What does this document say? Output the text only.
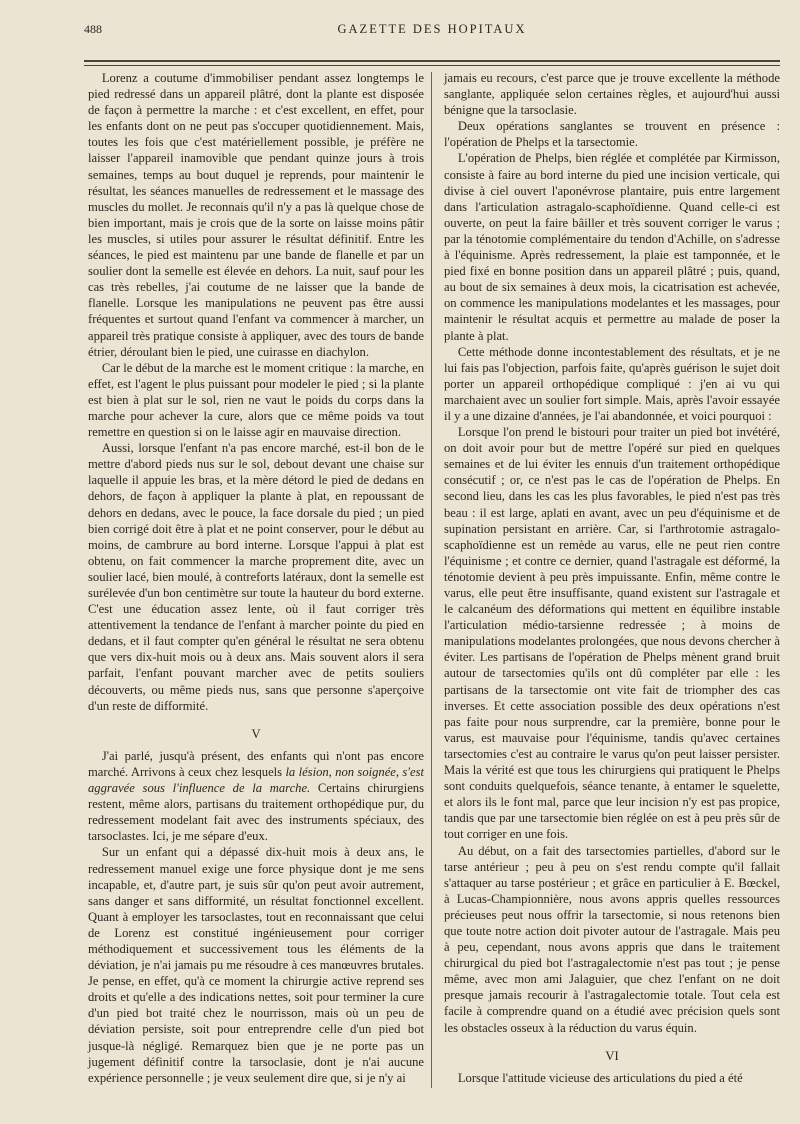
488	GAZETTE DES HOPITAUX

Lorenz a coutume d'immobiliser pendant assez longtemps le pied redressé dans un appareil plâtré, dont la plante est disposée de façon à permettre la marche : et c'est excellent, en effet, pour les enfants dont on ne peut pas s'occuper quotidiennement. Mais, toutes les fois que c'est matériellement possible, je préfère ne laisser l'appareil inamovible que pendant quinze jours à trois semaines, temps au bout duquel je reprends, pour maintenir le résultat, les séances manuelles de redressement et le massage des muscles du mollet. Je reconnais qu'il n'y a pas là quelque chose de bien important, mais je crois que de la sorte on laisse moins pâtir les muscles, si utiles pour assurer le résultat définitif. Entre les séances, le pied est maintenu par une bande de flanelle et par un soulier dont la semelle est élevée en dehors. La nuit, sauf pour les cas très rebelles, j'ai coutume de ne laisser que la bande de flanelle. Lorsque les manipulations ne peuvent pas être aussi fréquentes et surtout quand l'enfant va commencer à marcher, un appareil très pratique consiste à appliquer, avec des tours de bande étrier, déroulant bien le pied, une cuirasse en diachylon.

Car le début de la marche est le moment critique : la marche, en effet, est l'agent le plus puissant pour modeler le pied ; si la plante est bien à plat sur le sol, rien ne vaut le poids du corps dans la marche pour achever la cure, alors que ce même poids va tout remettre en question si on le laisse agir en mauvaise direction.

Aussi, lorsque l'enfant n'a pas encore marché, est-il bon de le mettre d'abord pieds nus sur le sol, debout devant une chaise sur laquelle il appuie les bras, et la mère détord le pied de dedans en dehors, de façon à appliquer la plante à plat, en repoussant de dehors en dedans, avec le pouce, la face dorsale du pied ; un pied bien corrigé doit être à plat et ne point conserver, pour le début au moins, de cambrure au bord interne. Lorsque l'appui à plat est obtenu, on fait commencer la marche proprement dite, avec un soulier lacé, bien moulé, à contreforts latéraux, dont la semelle est surélevée d'un bon centimètre sur toute la hauteur du bord externe. C'est une éducation assez lente, où il faut corriger très attentivement la tendance de l'enfant à marcher pointe du pied en dedans, et il faut compter qu'en général le résultat ne sera obtenu que vers dix-huit mois ou à deux ans. Mais souvent alors il sera parfait, l'enfant pouvant marcher avec de petits souliers découverts, ou même pieds nus, sans que personne s'aperçoive d'un reste de difformité.

V

J'ai parlé, jusqu'à présent, des enfants qui n'ont pas encore marché. Arrivons à ceux chez lesquels la lésion, non soignée, s'est aggravée sous l'influence de la marche. Certains chirurgiens restent, même alors, partisans du traitement orthopédique pur, du redressement modelant fait avec des instruments spéciaux, des tarsoclastes. Ici, je me sépare d'eux.

Sur un enfant qui a dépassé dix-huit mois à deux ans, le redressement manuel exige une force physique dont je me sens incapable, et, d'autre part, je suis sûr qu'on peut avoir autrement, sans danger et sans difformité, un résultat fonctionnel excellent. Quant à employer les tarsoclastes, tout en reconnaissant que celui de Lorenz est constitué ingénieusement pour corriger méthodiquement et successivement tous les éléments de la déviation, je n'ai jamais pu me résoudre à ces manœuvres brutales. Je pense, en effet, qu'à ce moment la chirurgie active reprend ses droits et qu'elle a des indications nettes, soit pour terminer la cure d'un pied bot traité chez le nourrisson, mais où un peu de déviation persiste, soit pour entreprendre celle d'un pied bot jusque-là négligé. Remarquez bien que je ne porte pas un jugement définitif contre la tarsoclasie, dont je n'ai aucune expérience personnelle ; je veux seulement dire que, si je n'y ai

jamais eu recours, c'est parce que je trouve excellente la méthode sanglante, appliquée selon certaines règles, et aujourd'hui aussi bénigne que la tarsoclasie.

Deux opérations sanglantes se trouvent en présence : l'opération de Phelps et la tarsectomie.

L'opération de Phelps, bien réglée et complétée par Kirmisson, consiste à faire au bord interne du pied une incision verticale, qui divise à ciel ouvert l'aponévrose plantaire, puis entre largement dans l'articulation astragalo-scaphoïdienne. Quand celle-ci est ouverte, on peut la faire bâiller et très souvent corriger le varus ; par la ténotomie complémentaire du tendon d'Achille, on s'adresse à l'équinisme. Après redressement, la plaie est tamponnée, et le pied fixé en bonne position dans un appareil plâtré ; puis, quand, au bout de six semaines à deux mois, la cicatrisation est achevée, on commence les manipulations modelantes et les massages, pour maintenir le résultat acquis et permettre au malade de poser la plante à plat.

Cette méthode donne incontestablement des résultats, et je ne lui fais pas l'objection, parfois faite, qu'après guérison le sujet doit porter un appareil orthopédique compliqué : j'en ai vu qui marchaient avec un soulier fort simple. Mais, après l'avoir essayée il y a une dizaine d'années, je l'ai abandonnée, et voici pourquoi :

Lorsque l'on prend le bistouri pour traiter un pied bot invétéré, on doit avoir pour but de mettre l'opéré sur pied en quelques semaines et de lui éviter les ennuis d'un traitement orthopédique consécutif ; or, ce n'est pas le cas de l'opération de Phelps. En second lieu, dans les cas les plus favorables, le pied n'est pas très beau : il est large, aplati en avant, avec un peu d'équinisme et de supination persistant en arrière. Car, si l'arthrotomie astragalo-scaphoïdienne est un remède au varus, elle ne peut rien contre l'équinisme ; et contre ce dernier, quand l'astragale est déformé, la ténotomie devient à peu près impuissante. Enfin, même contre le varus, elle peut être insuffisante, quand existent sur l'astragale et le calcanéum des déformations qui mettent en équilibre instable l'articulation médio-tarsienne redressée ; à moins de manipulations modelantes prolongées, que nous devons chercher à éviter. Les partisans de l'opération de Phelps mènent grand bruit autour de tarsectomies qu'ils ont dû compléter par elle : les partisans de la tarsectomie ont vite fait de triompher des cas inverses. Et cette association possible des deux opérations n'est pas faite pour nous surprendre, car la première, bonne pour le varus, est mauvaise pour l'équinisme, tandis qu'avec certaines tarsectomies c'est au contraire le varus qu'on peut laisser persister. Mais la vérité est que tous les chirurgiens qui pratiquent le Phelps sont conduits quelquefois, séance tenante, à entamer le squelette, et alors ils le font mal, parce que leur incision n'y est pas propice, tandis que par une tarsectomie bien réglée on est à peu près sûr de tout corriger en une fois.

Au début, on a fait des tarsectomies partielles, d'abord sur le tarse antérieur ; peu à peu on s'est rendu compte qu'il fallait s'attaquer au tarse postérieur ; et grâce en particulier à E. Bœckel, à Lucas-Championnière, nous avons appris quelles ressources précieuses peut nous offrir la tarsectomie, si nous retenons bien que toute notre action doit pivoter autour de l'astragale. Mais peu à peu, cependant, nous avons appris que dans le traitement chirurgical du pied bot l'astragalectomie n'est pas tout ; je pense même, avec mon ami Jalaguier, que chez l'enfant on ne doit presque jamais recourir à l'astragalectomie totale. Tout cela est facile à comprendre quand on a étudié avec précision quels sont les obstacles osseux à la réduction du varus équin.

VI

Lorsque l'attitude vicieuse des articulations du pied a été
